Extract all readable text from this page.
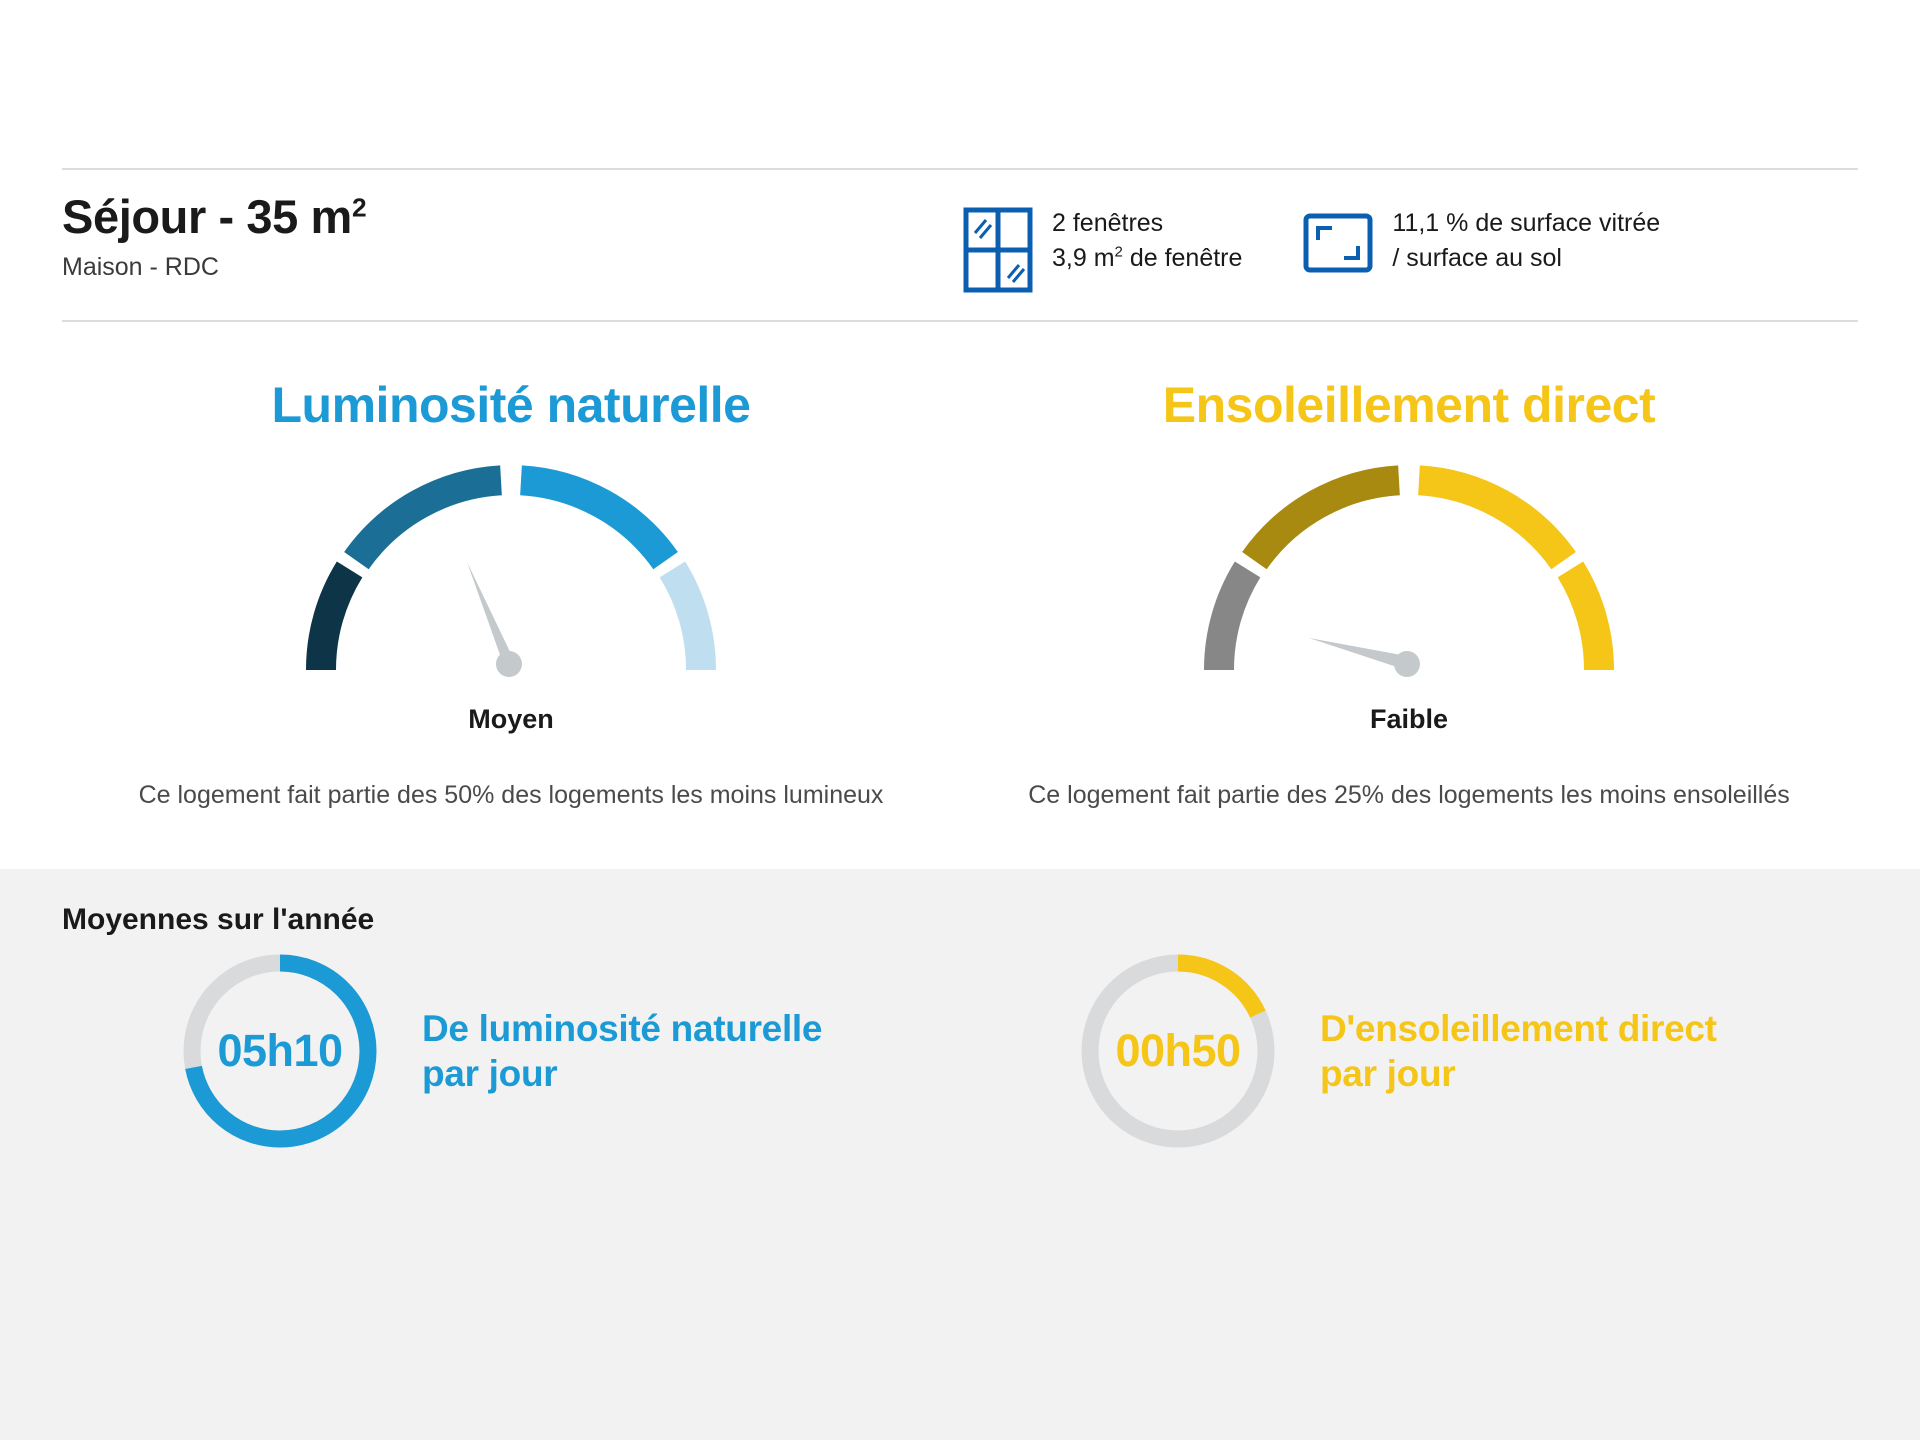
Séjour - 35 $m^2$
Maison - RDC
2 fenêtres
3,9 $m^2$ de fenêtre
11,1 % de surface vitrée
/ surface au sol
Luminosité naturelle
Moyen
Ce logement fait partie des 50% des logements les moins lumineux
Ensoleillement direct
Faible
Ce logement fait partie des 25% des logements les moins ensoleillés
Moyennes sur l'année
05h10	De luminosité naturelle
par jour	00h50	D'ensoleillement direct
par jour
